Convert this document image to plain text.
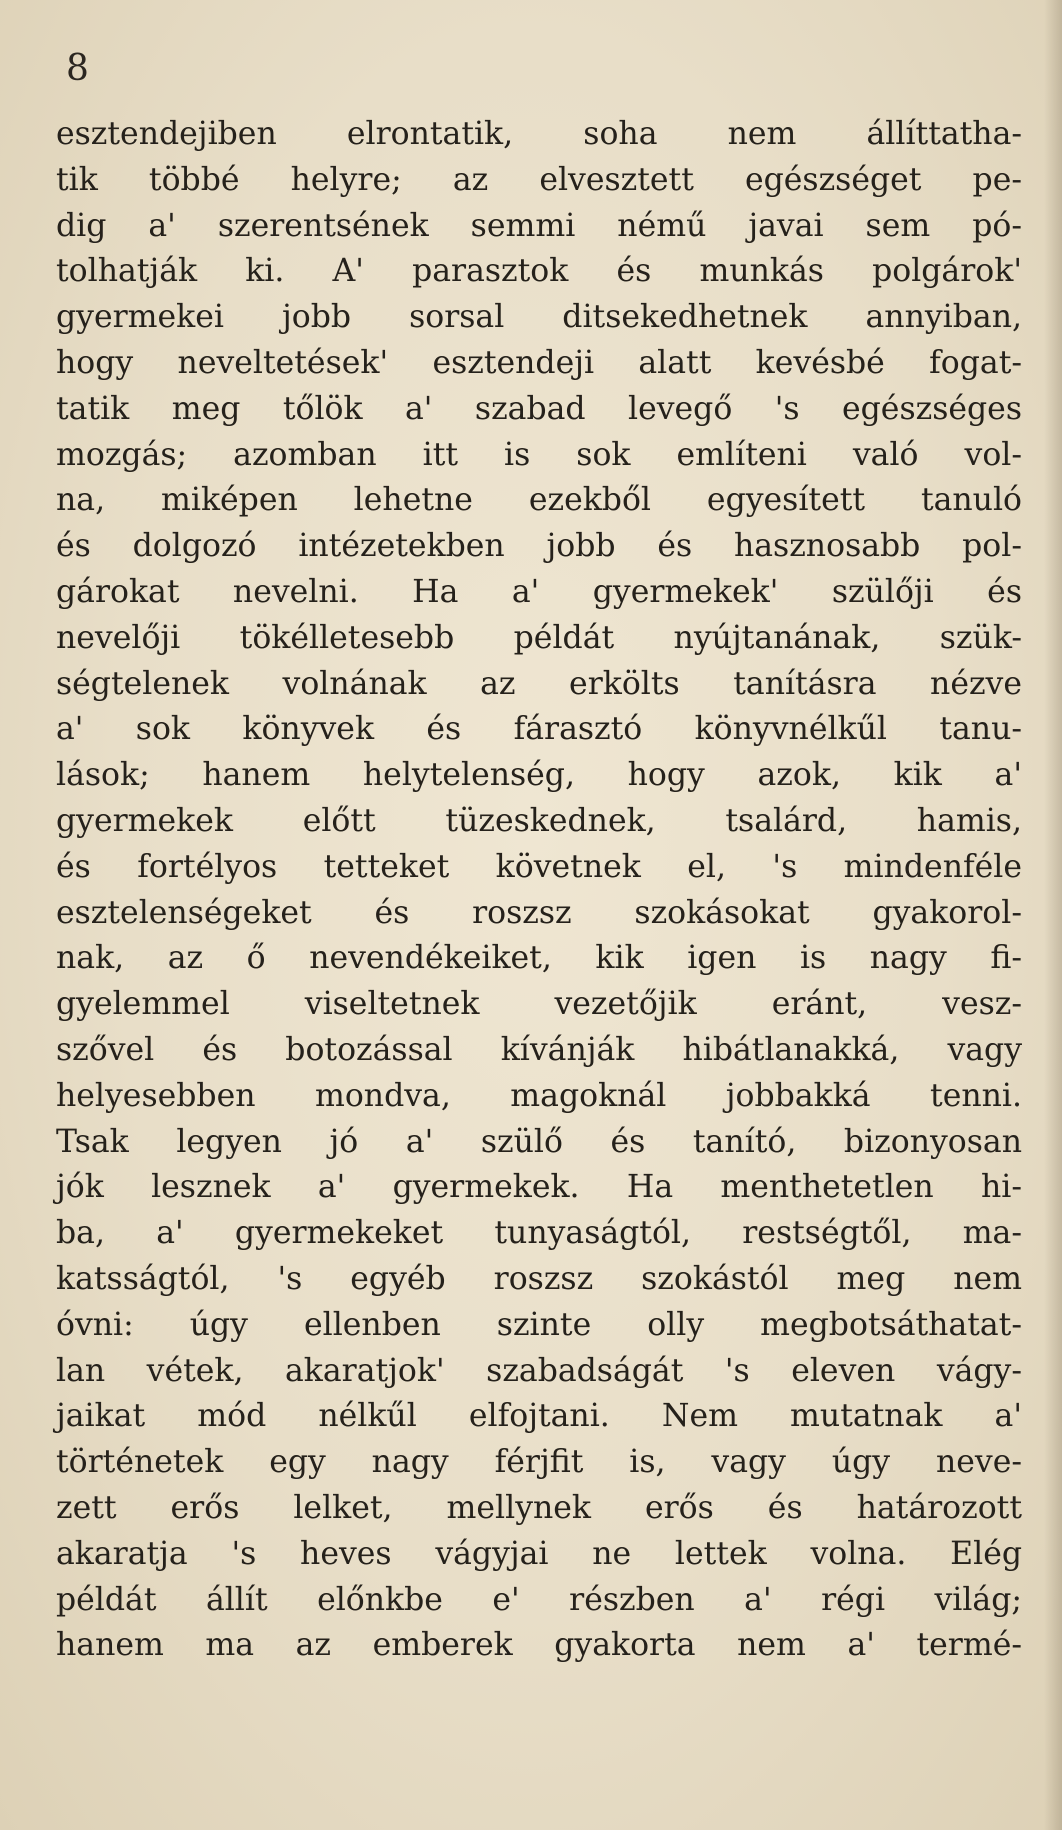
8
esztendejiben elrontatik, soha nem állíttatha-
tik többé helyre; az elvesztett egészséget pe-
dig a' szerentsének semmi némű javai sem pó-
tolhatják ki. A' parasztok és munkás polgárok'
gyermekei jobb sorsal ditsekedhetnek annyiban,
hogy neveltetések' esztendeji alatt kevésbé fogat-
tatik meg tőlök a' szabad levegő 's egészséges
mozgás; azomban itt is sok említeni való vol-
na, miképen lehetne ezekből egyesített tanuló
és dolgozó intézetekben jobb és hasznosabb pol-
gárokat nevelni. Ha a' gyermekek' szülőji és
nevelőji tökélletesebb példát nyújtanának, szük-
ségtelenek volnának az erkölts tanításra nézve
a' sok könyvek és fárasztó könyvnélkűl tanu-
lások; hanem helytelenség, hogy azok, kik a'
gyermekek előtt tüzeskednek, tsalárd, hamis,
és fortélyos tetteket követnek el, 's mindenféle
esztelenségeket és roszsz szokásokat gyakorol-
nak, az ő nevendékeiket, kik igen is nagy fi-
gyelemmel viseltetnek vezetőjik eránt, vesz-
szővel és botozással kívánják hibátlanakká, vagy
helyesebben mondva, magoknál jobbakká tenni.
Tsak legyen jó a' szülő és tanító, bizonyosan
jók lesznek a' gyermekek. Ha menthetetlen hi-
ba, a' gyermekeket tunyaságtól, restségtől, ma-
katsságtól, 's egyéb roszsz szokástól meg nem
óvni: úgy ellenben szinte olly megbotsáthatat-
lan vétek, akaratjok' szabadságát 's eleven vágy-
jaikat mód nélkűl elfojtani. Nem mutatnak a'
történetek egy nagy férjfit is, vagy úgy neve-
zett erős lelket, mellynek erős és határozott
akaratja 's heves vágyjai ne lettek volna. Elég
példát állít előnkbe e' részben a' régi világ;
hanem ma az emberek gyakorta nem a' termé-
